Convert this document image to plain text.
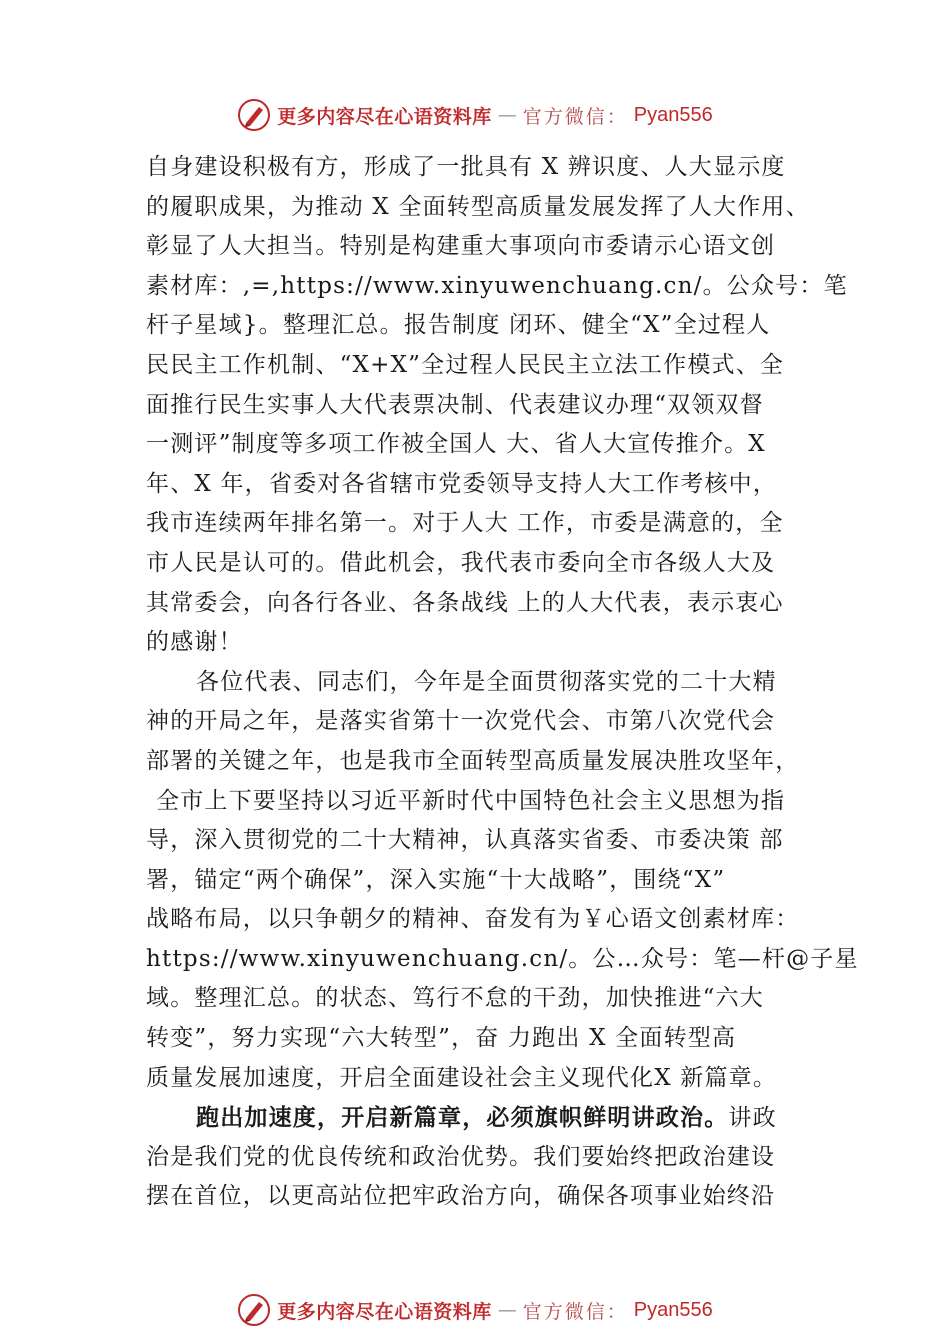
更多内容尽在心语资料库 — 官方微信： Pyan556
自身建设积极有方，形成了一批具有 X 辨识度、人大显示度
的履职成果，为推动 X 全面转型高质量发展发挥了人大作用、
彰显了人大担当。特别是构建重大事项向市委请示心语文创
素材库：,=,https://www.xinyuwenchuang.cn/。公众号：笔
杆子星域}。整理汇总。报告制度 闭环、健全“X”全过程人
民民主工作机制、“X+X”全过程人民民主立法工作模式、全
面推行民生实事人大代表票决制、代表建议办理“双领双督
一测评”制度等多项工作被全国人 大、省人大宣传推介。X
年、X 年，省委对各省辖市党委领导支持人大工作考核中，
我市连续两年排名第一。对于人大 工作，市委是满意的，全
市人民是认可的。借此机会，我代表市委向全市各级人大及
其常委会，向各行各业、各条战线 上的人大代表，表示衷心
的感谢！
各位代表、同志们，今年是全面贯彻落实党的二十大精
神的开局之年，是落实省第十一次党代会、市第八次党代会
部署的关键之年，也是我市全面转型高质量发展决胜攻坚年，
全市上下要坚持以习近平新时代中国特色社会主义思想为指
导，深入贯彻党的二十大精神，认真落实省委、市委决策 部
署，锚定“两个确保”，深入实施“十大战略”，围绕“X”
战略布局，以只争朝夕的精神、奋发有为￥心语文创素材库：
https://www.xinyuwenchuang.cn/。公…众号：笔—杆@子星
域。整理汇总。的状态、笃行不怠的干劲，加快推进“六大
转变”，努力实现“六大转型”，奋 力跑出 X 全面转型高
质量发展加速度，开启全面建设社会主义现代化X 新篇章。
跑出加速度，开启新篇章，必须旗帜鲜明讲政治。讲政
治是我们党的优良传统和政治优势。我们要始终把政治建设
摆在首位，以更高站位把牢政治方向，确保各项事业始终沿
更多内容尽在心语资料库 — 官方微信： Pyan556
